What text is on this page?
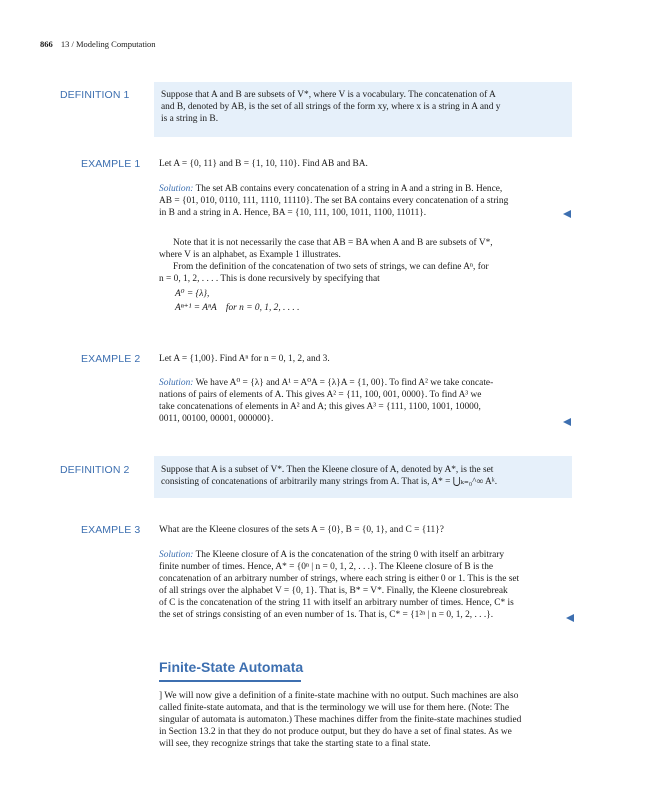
866 13 / Modeling Computation
DEFINITION 1	Suppose that A and B are subsets of V*, where V is a vocabulary. The concatenation of A

and B, denoted by AB, is the set of all strings of the form xy, where x is a string in A and y

is a string in B.

EXAMPLE 1 Let A = {0, 11} and B = {1, 10, 110}. Find AB and BA.

Solution: The set AB contains every concatenation of a string in A and a string in B. Hence,

AB = {01, 010, 0110, 111, 1110, 11110}. The set BA contains every concatenation of a string

in B and a string in A. Hence, BA = {10, 111, 100, 1011, 1100, 11011}.

Note that it is not necessarily the case that AB = BA when A and B are subsets of V*,

where V is an alphabet, as Example 1 illustrates.

From the definition of the concatenation of two sets of strings, we can define Aⁿ, for

n = 0, 1, 2, . . . . This is done recursively by specifying that

A⁰ = {λ},
Aⁿ⁺¹ = AⁿA    for n = 0, 1, 2, . . . .
EXAMPLE 2 Let A = {1,00}. Find Aⁿ for n = 0, 1, 2, and 3.

Solution: We have A⁰ = {λ} and A¹ = A⁰A = {λ}A = {1, 00}. To find A² we take concate-

nations of pairs of elements of A. This gives A² = {11, 100, 001, 0000}. To find A³ we

take concatenations of elements in A² and A; this gives A³ = {111, 1100, 1001, 10000,

0011, 00100, 00001, 000000}.

DEFINITION 2	Suppose that A is a subset of V*. Then the Kleene closure of A, denoted by A*, is the set

consisting of concatenations of arbitrarily many strings from A. That is, A* = ⋃ₖ₌₀^∞ Aᵏ.

EXAMPLE 3 What are the Kleene closures of the sets A = {0}, B = {0, 1}, and C = {11}?

Solution: The Kleene closure of A is the concatenation of the string 0 with itself an arbitrary

finite number of times. Hence, A* = {0ⁿ | n = 0, 1, 2, . . .}. The Kleene closure of B is the

concatenation of an arbitrary number of strings, where each string is either 0 or 1. This is the set

of all strings over the alphabet V = {0, 1}. That is, B* = V*. Finally, the Kleene closurebreak

of C is the concatenation of the string 11 with itself an arbitrary number of times. Hence, C* is

the set of strings consisting of an even number of 1s. That is, C* = {1²ⁿ | n = 0, 1, 2, . . .}.

Finite-State Automata

] We will now give a definition of a finite-state machine with no output. Such machines are also

called finite-state automata, and that is the terminology we will use for them here. (Note: The

singular of automata is automaton.) These machines differ from the finite-state machines studied

in Section 13.2 in that they do not produce output, but they do have a set of final states. As we

will see, they recognize strings that take the starting state to a final state.
